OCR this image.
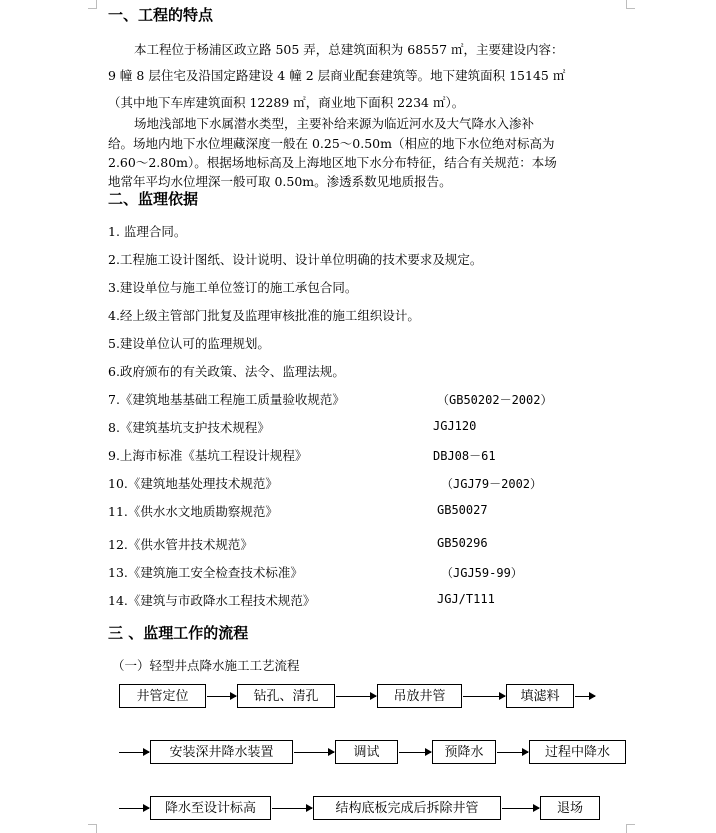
一、工程的特点
本工程位于杨浦区政立路 505 弄，总建筑面积为 68557 ㎡，主要建设内容：
9 幢 8 层住宅及沿国定路建设 4 幢 2 层商业配套建筑等。地下建筑面积 15145 ㎡
（其中地下车库建筑面积 12289 ㎡，商业地下面积 2234 ㎡）。
场地浅部地下水属潜水类型，主要补给来源为临近河水及大气降水入渗补
给。场地内地下水位埋藏深度一般在 0.25～0.50m（相应的地下水位绝对标高为
2.60～2.80m）。根据场地标高及上海地区地下水分布特征，结合有关规范：本场
地常年平均水位埋深一般可取 0.50m。渗透系数见地质报告。
二、监理依据
1. 监理合同。
2.工程施工设计图纸、设计说明、设计单位明确的技术要求及规定。
3.建设单位与施工单位签订的施工承包合同。
4.经上级主管部门批复及监理审核批准的施工组织设计。
5.建设单位认可的监理规划。
6.政府颁布的有关政策、法令、监理法规。
7.《建筑地基基础工程施工质量验收规范》	（GB50202－2002）
8.《建筑基坑支护技术规程》	JGJ120
9.上海市标准《基坑工程设计规程》	DBJ08－61
10.《建筑地基处理技术规范》	（JGJ79－2002）
11.《供水水文地质勘察规范》	GB50027
12.《供水管井技术规范》	GB50296
13.《建筑施工安全检查技术标准》	（JGJ59-99）
14.《建筑与市政降水工程技术规范》	JGJ/T111
三 、监理工作的流程
（一）轻型井点降水施工工艺流程
井管定位	钻孔、清孔	吊放井管	填滤料
安装深井降水装置	调试	预降水	过程中降水
降水至设计标高	结构底板完成后拆除井管	退场
